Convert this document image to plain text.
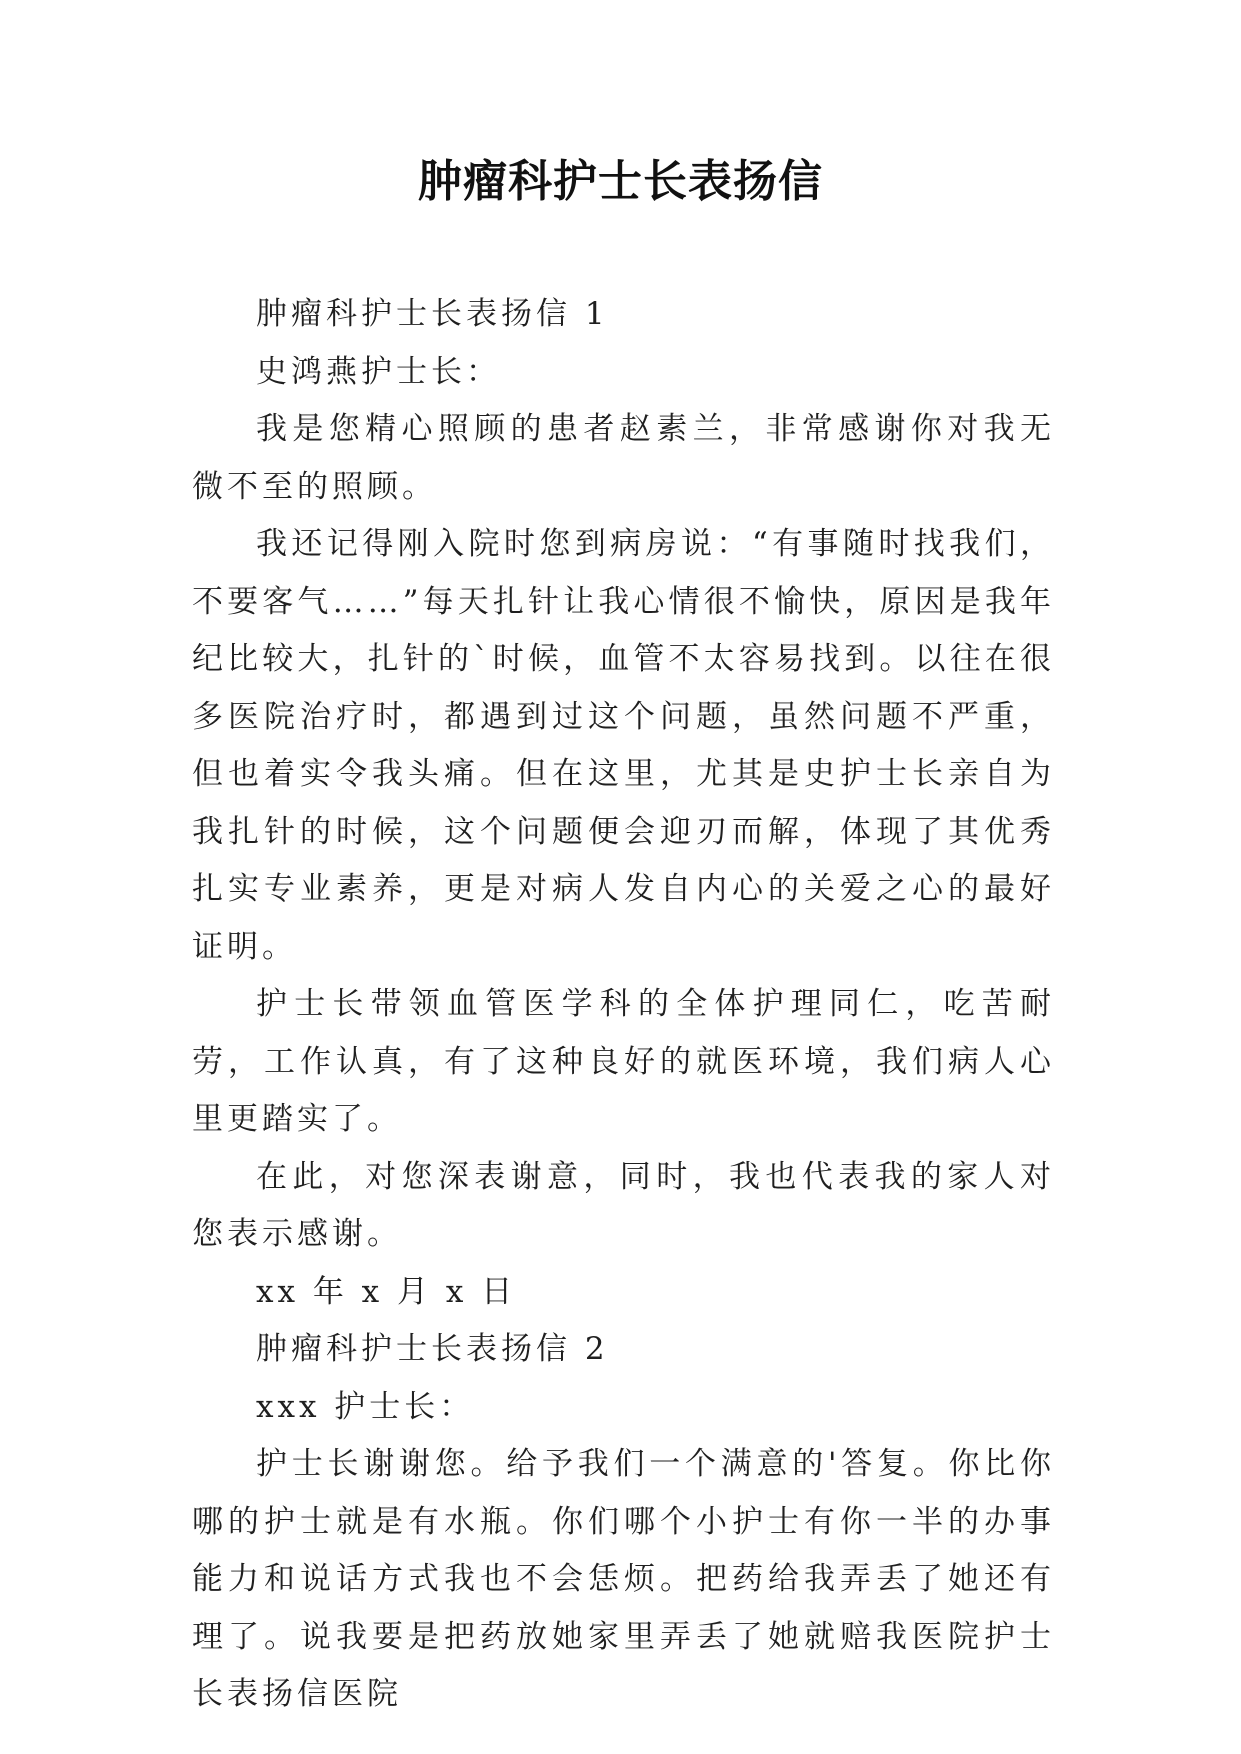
肿瘤科护士长表扬信

肿瘤科护士长表扬信 1

史鸿燕护士长：

我是您精心照顾的患者赵素兰，非常感谢你对我无微不至的照顾。

我还记得刚入院时您到病房说：“有事随时找我们，不要客气……”每天扎针让我心情很不愉快，原因是我年纪比较大，扎针的`时候，血管不太容易找到。以往在很多医院治疗时，都遇到过这个问题，虽然问题不严重，但也着实令我头痛。但在这里，尤其是史护士长亲自为我扎针的时候，这个问题便会迎刃而解，体现了其优秀扎实专业素养，更是对病人发自内心的关爱之心的最好证明。

护士长带领血管医学科的全体护理同仁，吃苦耐劳，工作认真，有了这种良好的就医环境，我们病人心里更踏实了。

在此，对您深表谢意，同时，我也代表我的家人对您表示感谢。

xx 年 x 月 x 日

肿瘤科护士长表扬信 2

xxx 护士长：

护士长谢谢您。给予我们一个满意的'答复。你比你哪的护士就是有水瓶。你们哪个小护士有你一半的办事能力和说话方式我也不会恁烦。把药给我弄丢了她还有理了。说我要是把药放她家里弄丢了她就赔我医院护士长表扬信医院
